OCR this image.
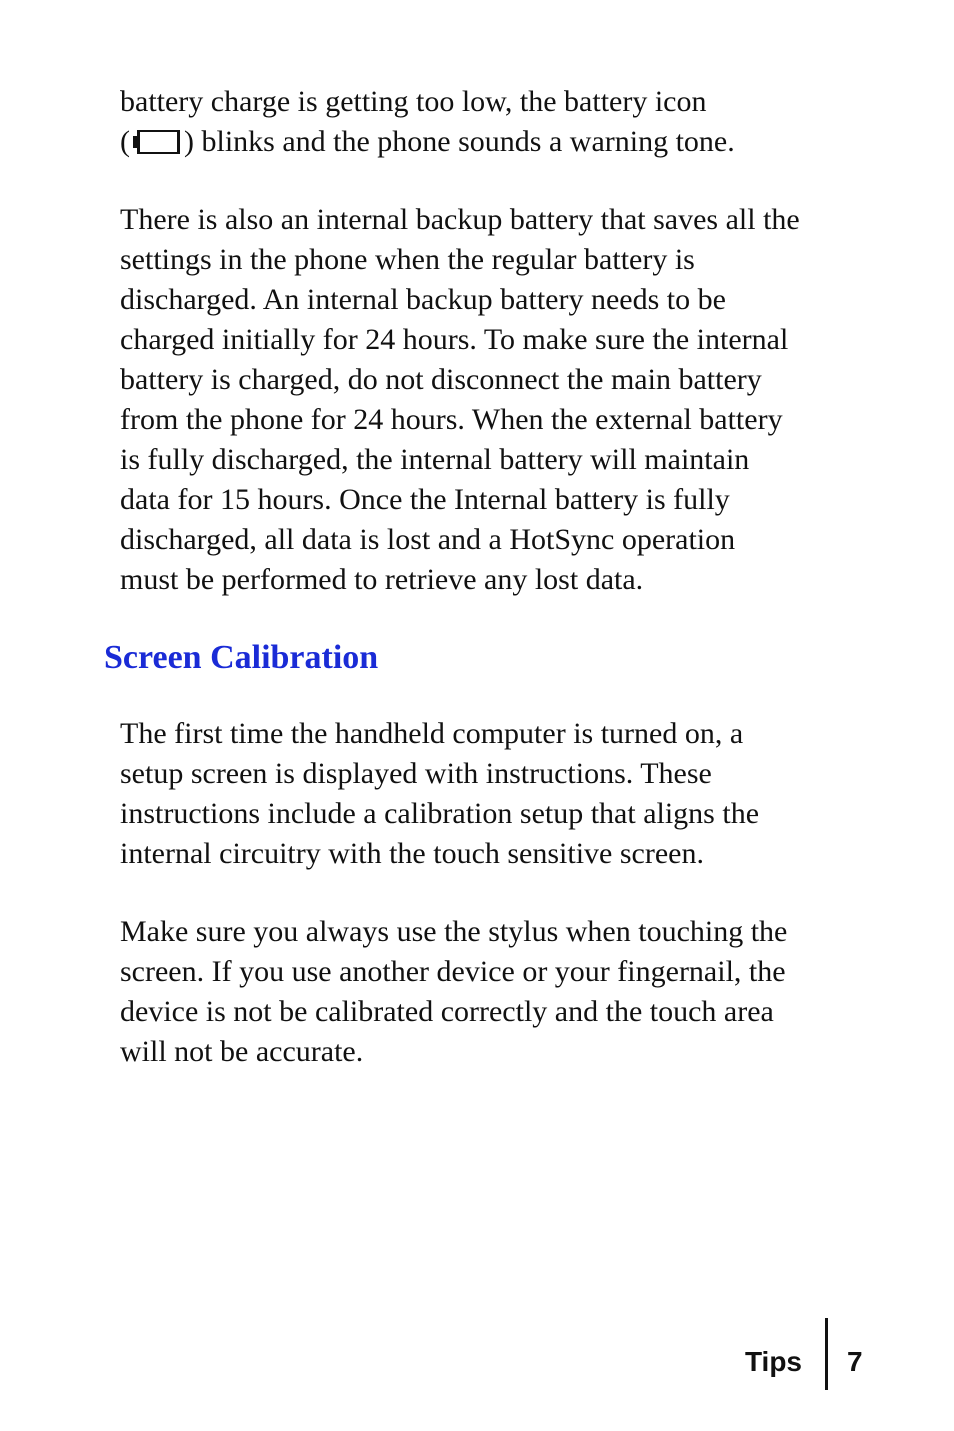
battery charge is getting too low, the battery icon
( ) blinks and the phone sounds a warning tone.

There is also an internal backup battery that saves all the
settings in the phone when the regular battery is
discharged. An internal backup battery needs to be
charged initially for 24 hours. To make sure the internal
battery is charged, do not disconnect the main battery
from the phone for 24 hours. When the external battery
is fully discharged, the internal battery will maintain
data for 15 hours. Once the Internal battery is fully
discharged, all data is lost and a HotSync operation
must be performed to retrieve any lost data.

Screen Calibration

The first time the handheld computer is turned on, a
setup screen is displayed with instructions. These
instructions include a calibration setup that aligns the
internal circuitry with the touch sensitive screen.

Make sure you always use the stylus when touching the
screen. If you use another device or your fingernail, the
device is not be calibrated correctly and the touch area
will not be accurate.

Tips 7
